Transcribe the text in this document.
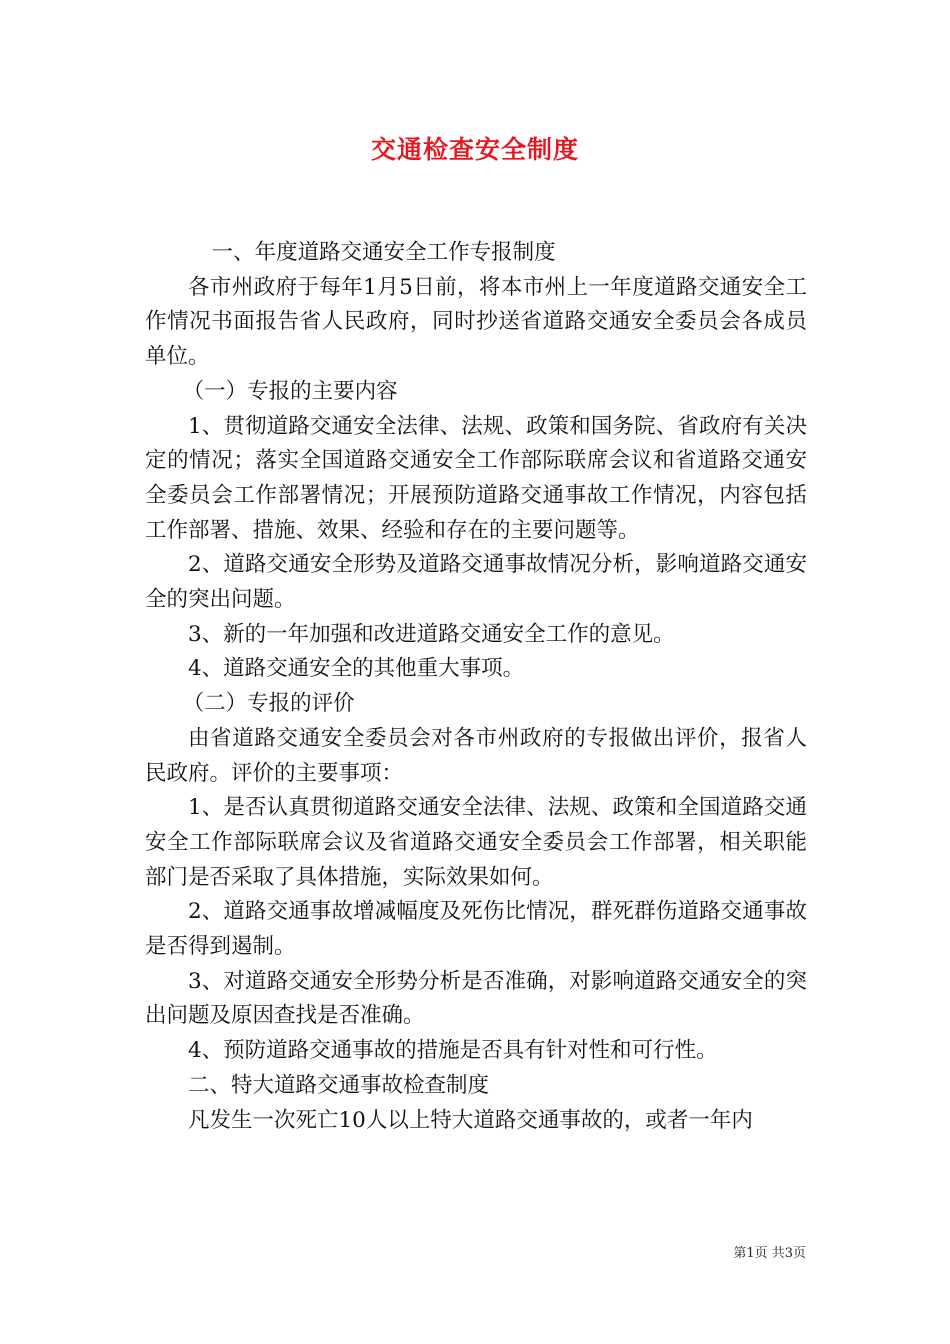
交通检查安全制度

一、年度道路交通安全工作专报制度

各市州政府于每年1月5日前，将本市州上一年度道路交通安全工作情况书面报告省人民政府，同时抄送省道路交通安全委员会各成员单位。

（一）专报的主要内容

1、贯彻道路交通安全法律、法规、政策和国务院、省政府有关决定的情况；落实全国道路交通安全工作部际联席会议和省道路交通安全委员会工作部署情况；开展预防道路交通事故工作情况，内容包括工作部署、措施、效果、经验和存在的主要问题等。

2、道路交通安全形势及道路交通事故情况分析，影响道路交通安全的突出问题。

3、新的一年加强和改进道路交通安全工作的意见。

4、道路交通安全的其他重大事项。

（二）专报的评价

由省道路交通安全委员会对各市州政府的专报做出评价，报省人民政府。评价的主要事项：

1、是否认真贯彻道路交通安全法律、法规、政策和全国道路交通安全工作部际联席会议及省道路交通安全委员会工作部署，相关职能部门是否采取了具体措施，实际效果如何。

2、道路交通事故增减幅度及死伤比情况，群死群伤道路交通事故是否得到遏制。

3、对道路交通安全形势分析是否准确，对影响道路交通安全的突出问题及原因查找是否准确。

4、预防道路交通事故的措施是否具有针对性和可行性。

二、特大道路交通事故检查制度

凡发生一次死亡10人以上特大道路交通事故的，或者一年内

第1页 共3页
